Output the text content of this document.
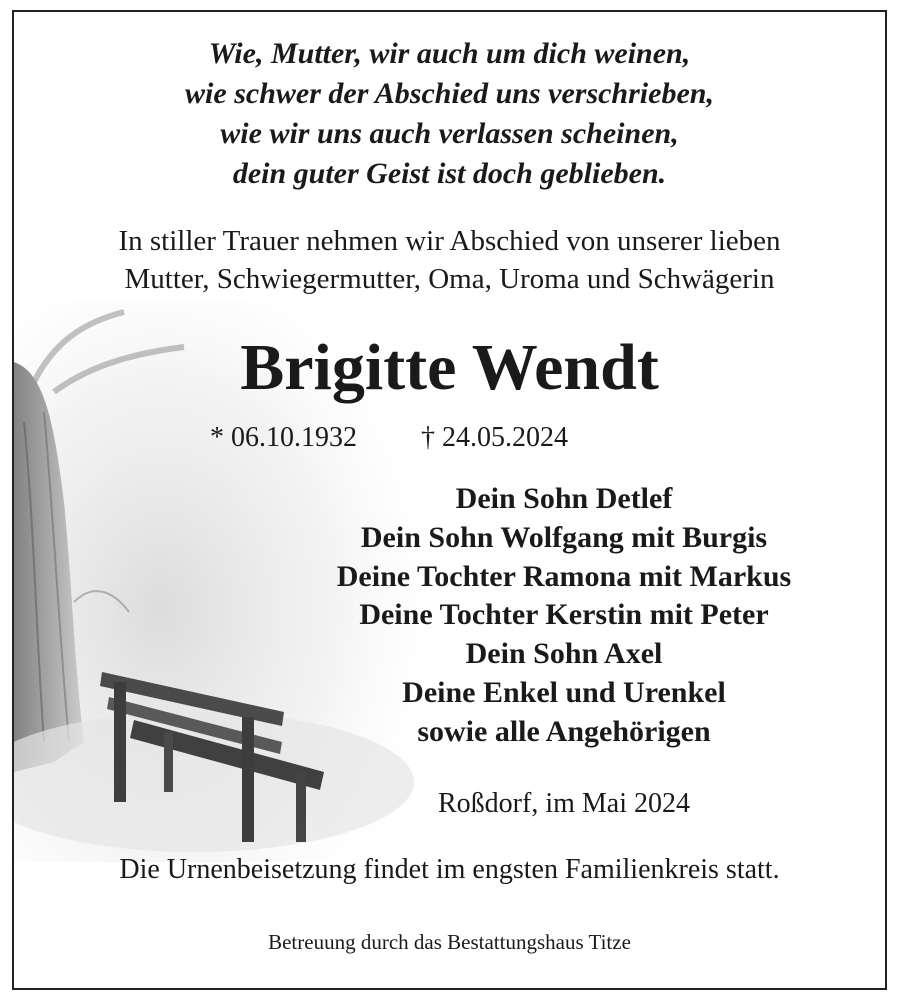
Wie, Mutter, wir auch um dich weinen,
wie schwer der Abschied uns verschrieben,
wie wir uns auch verlassen scheinen,
dein guter Geist ist doch geblieben.
In stiller Trauer nehmen wir Abschied von unserer lieben
Mutter, Schwiegermutter, Oma, Uroma und Schwägerin
Brigitte Wendt
* 06.10.1932 † 24.05.2024
Dein Sohn Detlef
Dein Sohn Wolfgang mit Burgis
Deine Tochter Ramona mit Markus
Deine Tochter Kerstin mit Peter
Dein Sohn Axel
Deine Enkel und Urenkel
sowie alle Angehörigen
Roßdorf, im Mai 2024
Die Urnenbeisetzung findet im engsten Familienkreis statt.
Betreuung durch das Bestattungshaus Titze
